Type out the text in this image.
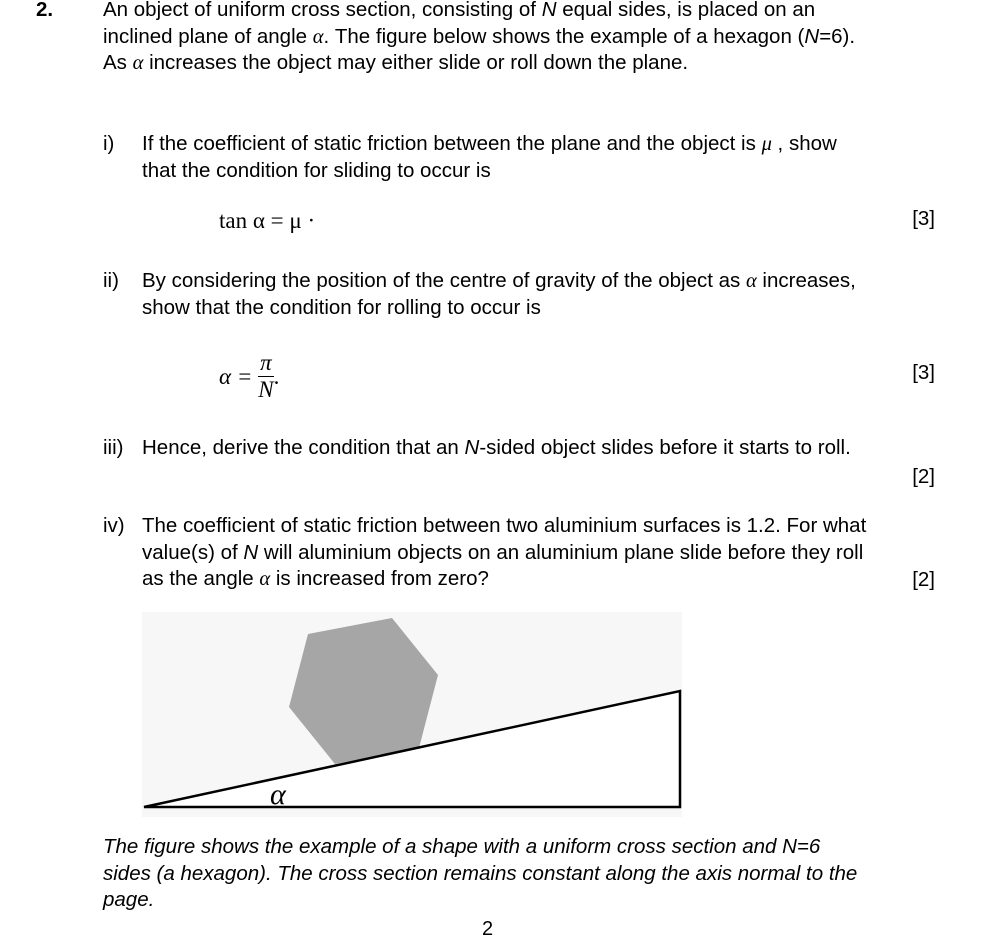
2. An object of uniform cross section, consisting of N equal sides, is placed on an inclined plane of angle α. The figure below shows the example of a hexagon (N=6). As α increases the object may either slide or roll down the plane.
i) If the coefficient of static friction between the plane and the object is μ , show that the condition for sliding to occur is
tan α = μ ·	[3]
ii) By considering the position of the centre of gravity of the object as α increases, show that the condition for rolling to occur is
$\alpha = \frac{\pi}{N}$ .	[3]
iii) Hence, derive the condition that an N-sided object slides before it starts to roll.
[2]
iv) The coefficient of static friction between two aluminium surfaces is 1.2. For what value(s) of N will aluminium objects on an aluminium plane slide before they roll as the angle α is increased from zero?	[2]
α
The figure shows the example of a shape with a uniform cross section and N=6 sides (a hexagon). The cross section remains constant along the axis normal to the page.
2
